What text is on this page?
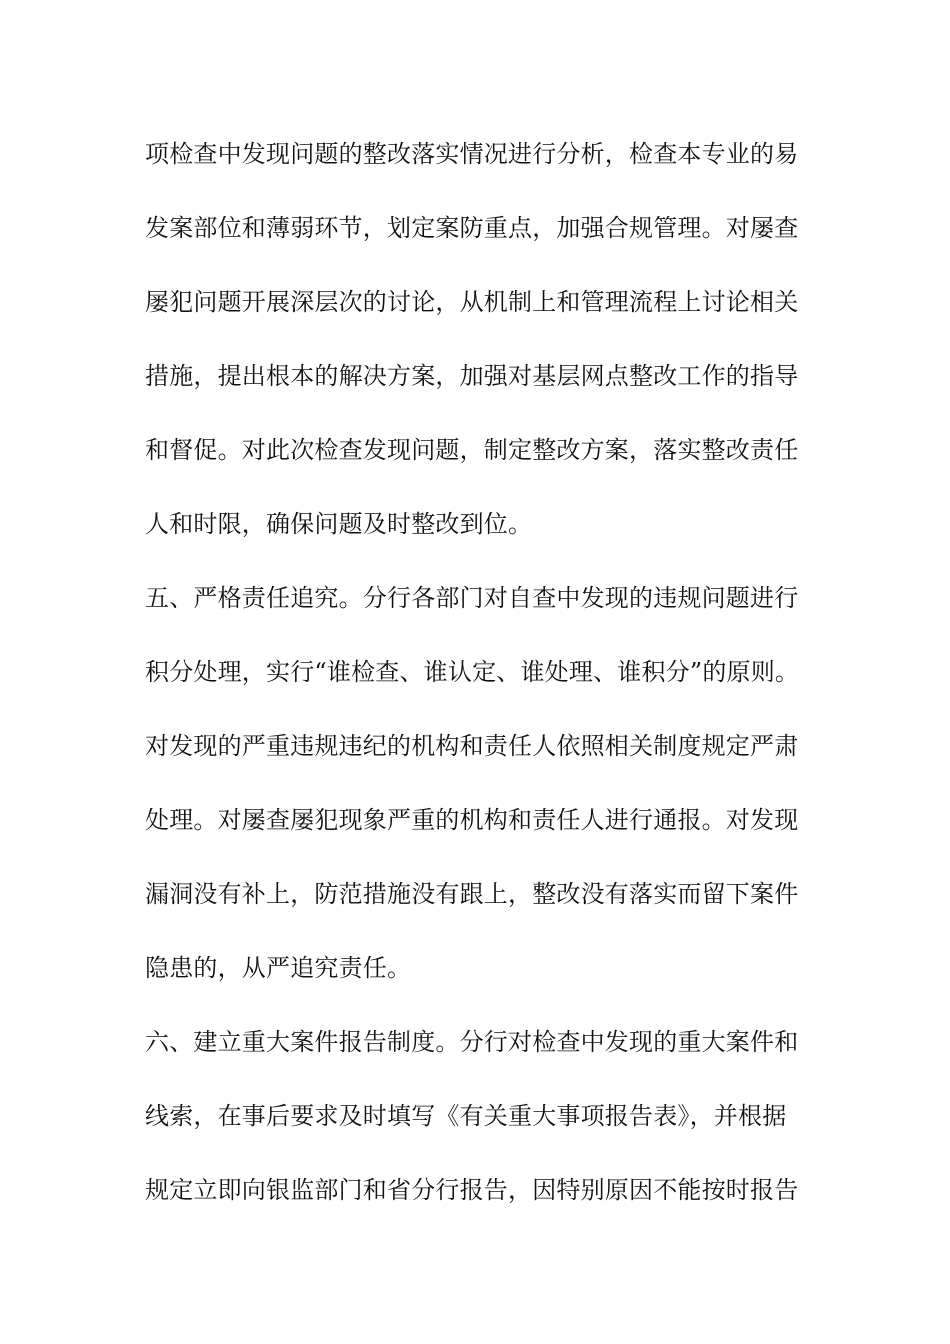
项检查中发现问题的整改落实情况进行分析，检查本专业的易
发案部位和薄弱环节，划定案防重点，加强合规管理。对屡查
屡犯问题开展深层次的讨论，从机制上和管理流程上讨论相关
措施，提出根本的解决方案，加强对基层网点整改工作的指导
和督促。对此次检查发现问题，制定整改方案，落实整改责任
人和时限，确保问题及时整改到位。
五、严格责任追究。分行各部门对自查中发现的违规问题进行
积分处理，实行“谁检查、谁认定、谁处理、谁积分”的原则。
对发现的严重违规违纪的机构和责任人依照相关制度规定严肃
处理。对屡查屡犯现象严重的机构和责任人进行通报。对发现
漏洞没有补上，防范措施没有跟上，整改没有落实而留下案件
隐患的，从严追究责任。
六、建立重大案件报告制度。分行对检查中发现的重大案件和
线索，在事后要求及时填写《有关重大事项报告表》，并根据
规定立即向银监部门和省分行报告，因特别原因不能按时报告
